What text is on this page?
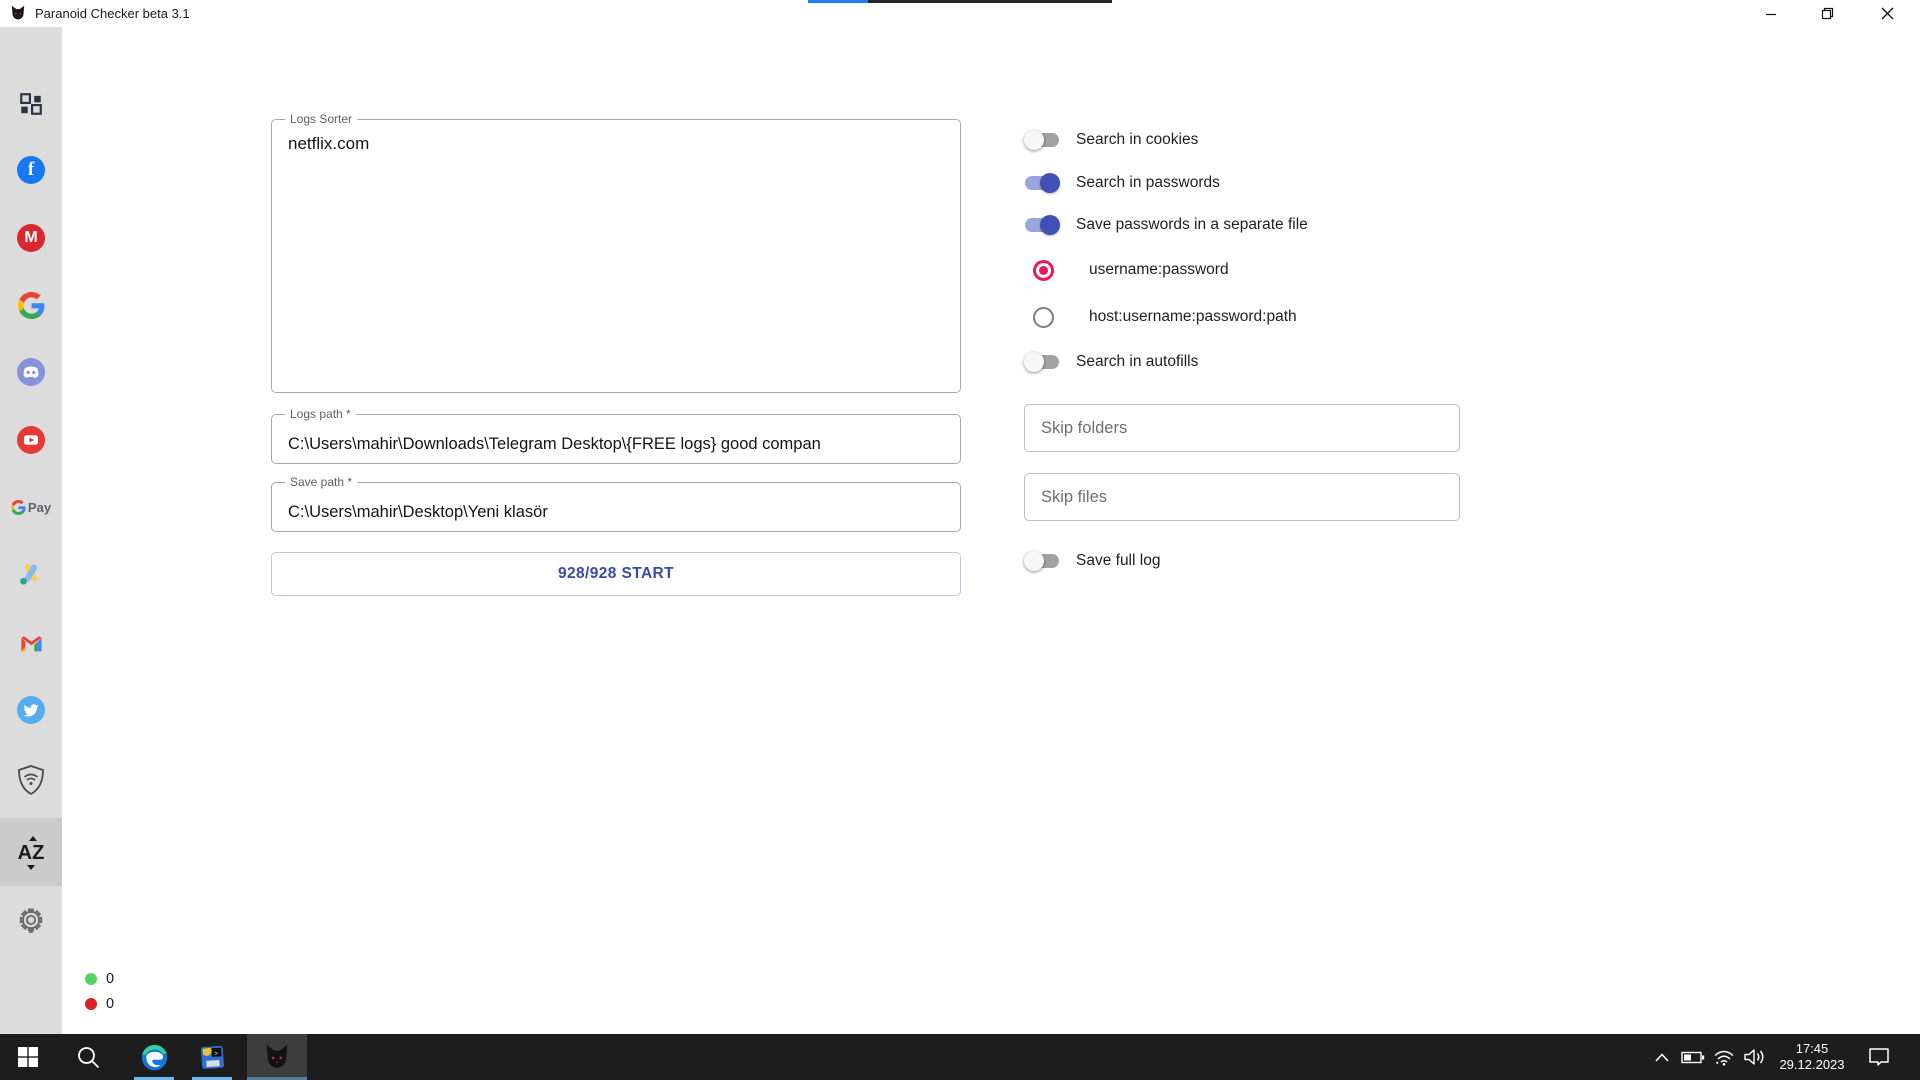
Paranoid Checker beta 3.1
f
M
Pay
AZ
Logs Sorter
netflix.com
Logs path *
C:\Users\mahir\Downloads\Telegram Desktop\{FREE logs} good compan
Save path *
C:\Users\mahir\Desktop\Yeni klasör
928/928 START
Search in cookies
Search in passwords
Save passwords in a separate file
username:password
host:username:password:path
Search in autofills
Skip folders
Skip files
Save full log
0
0
>	17:45
29.12.2023
